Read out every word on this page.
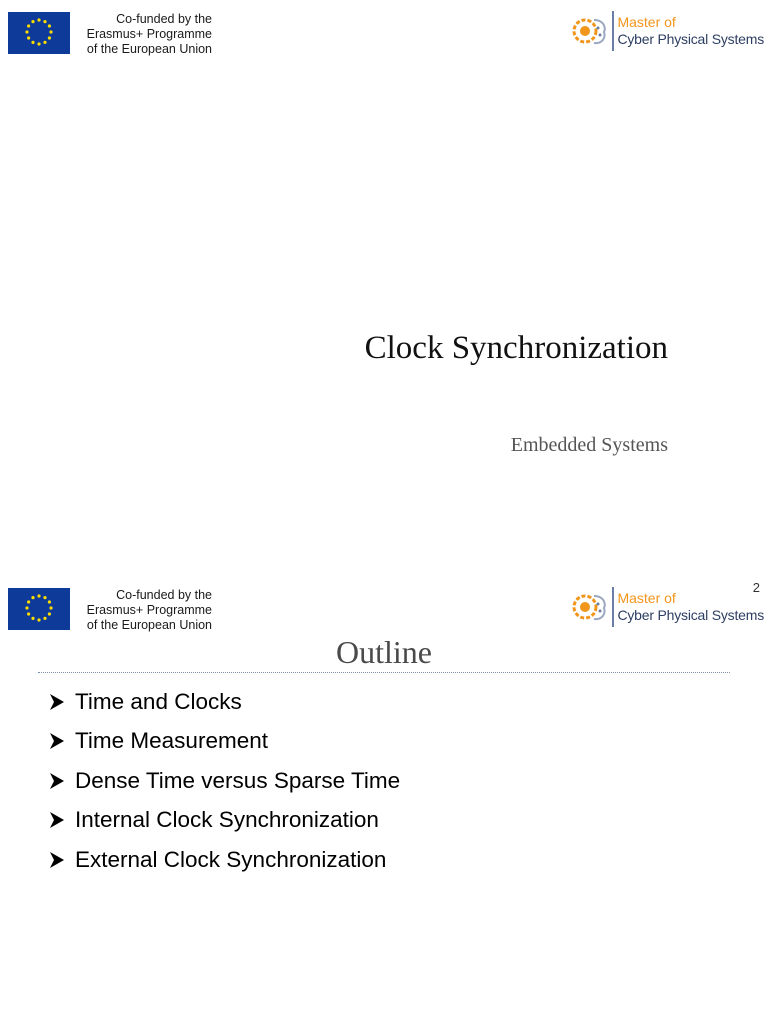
Co-funded by the
Erasmus+ Programme
of the European Union
Master of
Cyber Physical Systems
Clock Synchronization
Embedded Systems
Co-funded by the
Erasmus+ Programme
of the European Union
2
Master of
Cyber Physical Systems
Outline
Time and Clocks
Time Measurement
Dense Time versus Sparse Time
Internal Clock Synchronization
External Clock Synchronization
